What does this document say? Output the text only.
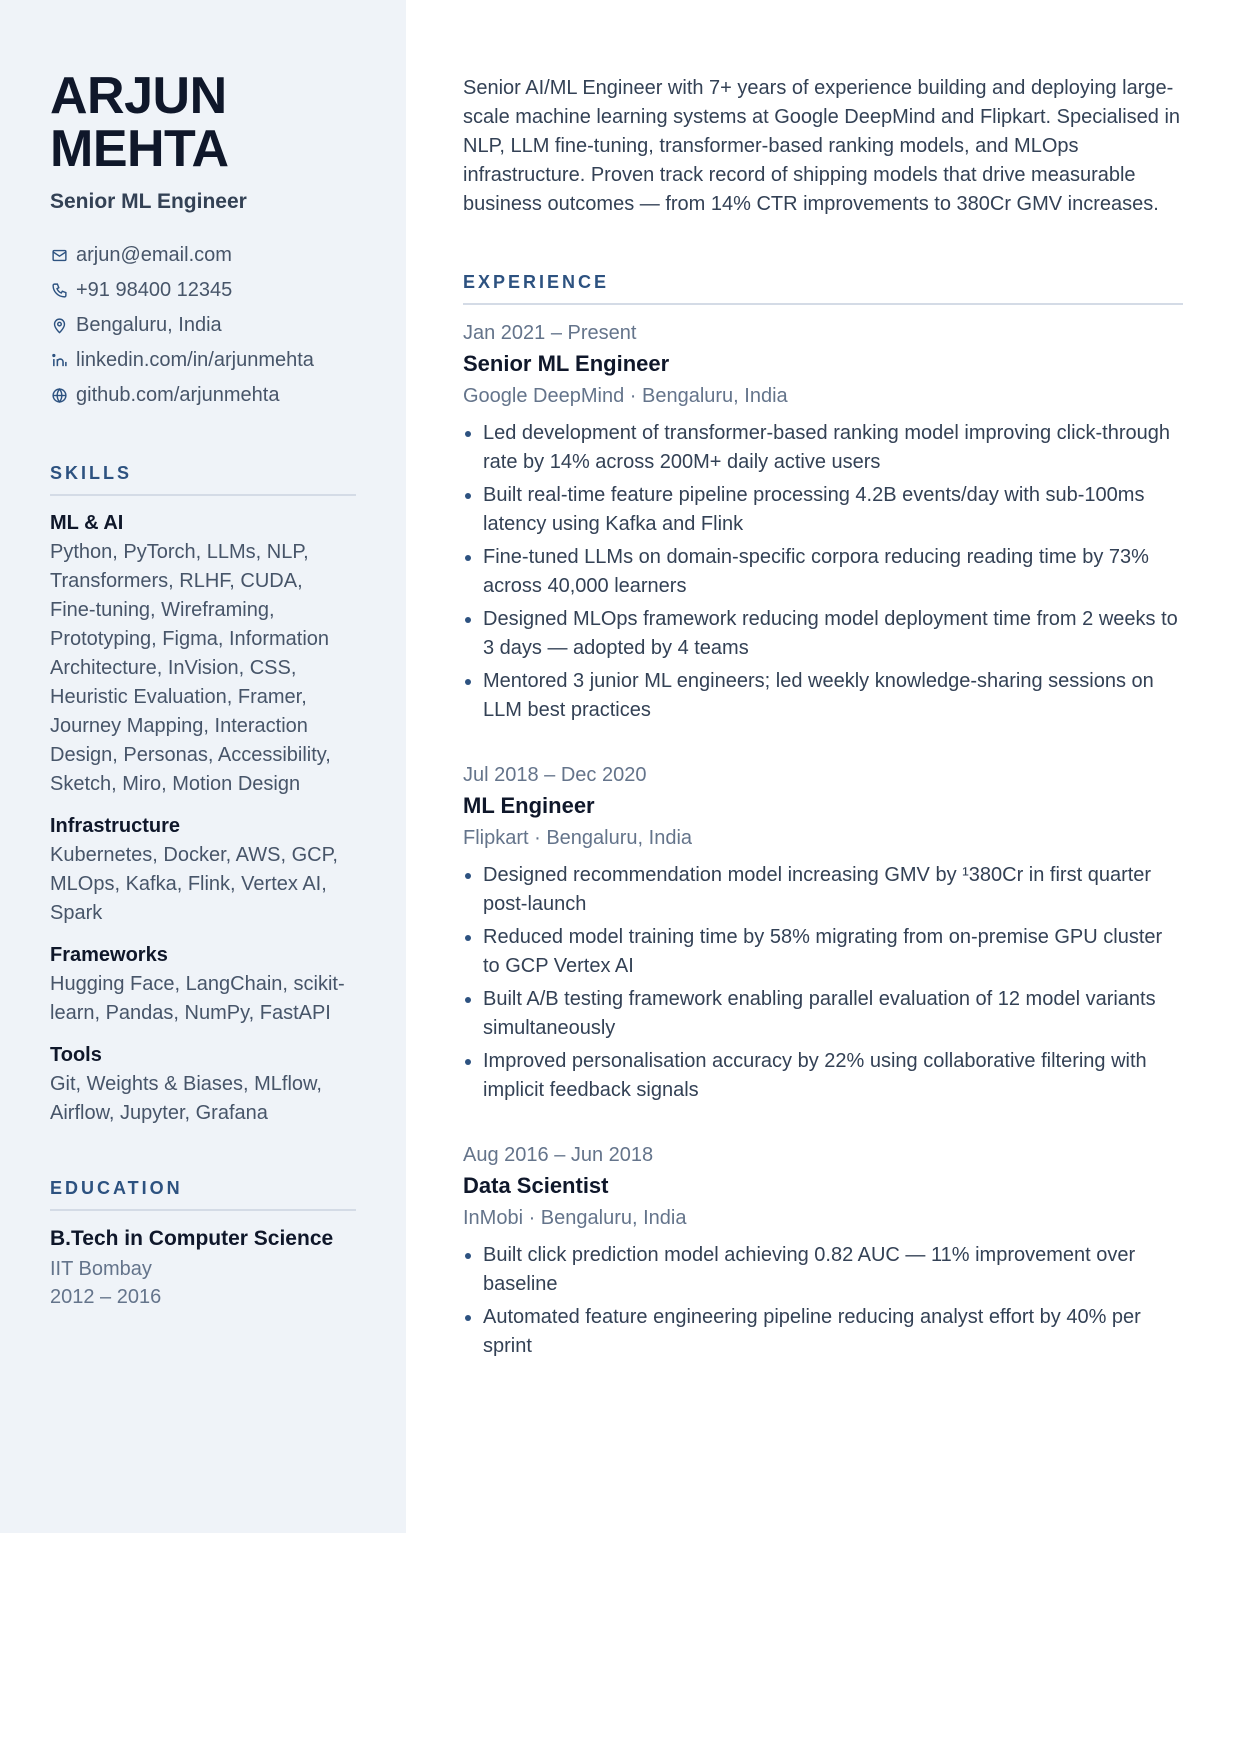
ARJUN
MEHTA
Senior ML Engineer
arjun@email.com
+91 98400 12345
Bengaluru, India
linkedin.com/in/arjunmehta
github.com/arjunmehta
SKILLS
ML & AI
Python, PyTorch, LLMs, NLP, Transformers, RLHF, CUDA, Fine-tuning, Wireframing, Prototyping, Figma, Information Architecture, InVision, CSS, Heuristic Evaluation, Framer, Journey Mapping, Interaction Design, Personas, Accessibility, Sketch, Miro, Motion Design
Infrastructure
Kubernetes, Docker, AWS, GCP, MLOps, Kafka, Flink, Vertex AI, Spark
Frameworks
Hugging Face, LangChain, scikit-learn, Pandas, NumPy, FastAPI
Tools
Git, Weights & Biases, MLflow, Airflow, Jupyter, Grafana
EDUCATION
B.Tech in Computer Science
IIT Bombay
2012 – 2016

Senior AI/ML Engineer with 7+ years of experience building and deploying large-scale machine learning systems at Google DeepMind and Flipkart. Specialised in NLP, LLM fine-tuning, transformer-based ranking models, and MLOps infrastructure. Proven track record of shipping models that drive measurable business outcomes — from 14% CTR improvements to 380Cr GMV increases.

EXPERIENCE
Jan 2021 – Present
Senior ML Engineer
Google DeepMind · Bengaluru, India
Led development of transformer-based ranking model improving click-through rate by 14% across 200M+ daily active users
Built real-time feature pipeline processing 4.2B events/day with sub-100ms latency using Kafka and Flink
Fine-tuned LLMs on domain-specific corpora reducing reading time by 73% across 40,000 learners
Designed MLOps framework reducing model deployment time from 2 weeks to 3 days — adopted by 4 teams
Mentored 3 junior ML engineers; led weekly knowledge-sharing sessions on LLM best practices
Jul 2018 – Dec 2020
ML Engineer
Flipkart · Bengaluru, India
Designed recommendation model increasing GMV by ¹380Cr in first quarter post-launch
Reduced model training time by 58% migrating from on-premise GPU cluster to GCP Vertex AI
Built A/B testing framework enabling parallel evaluation of 12 model variants simultaneously
Improved personalisation accuracy by 22% using collaborative filtering with implicit feedback signals
Aug 2016 – Jun 2018
Data Scientist
InMobi · Bengaluru, India
Built click prediction model achieving 0.82 AUC — 11% improvement over baseline
Automated feature engineering pipeline reducing analyst effort by 40% per sprint
